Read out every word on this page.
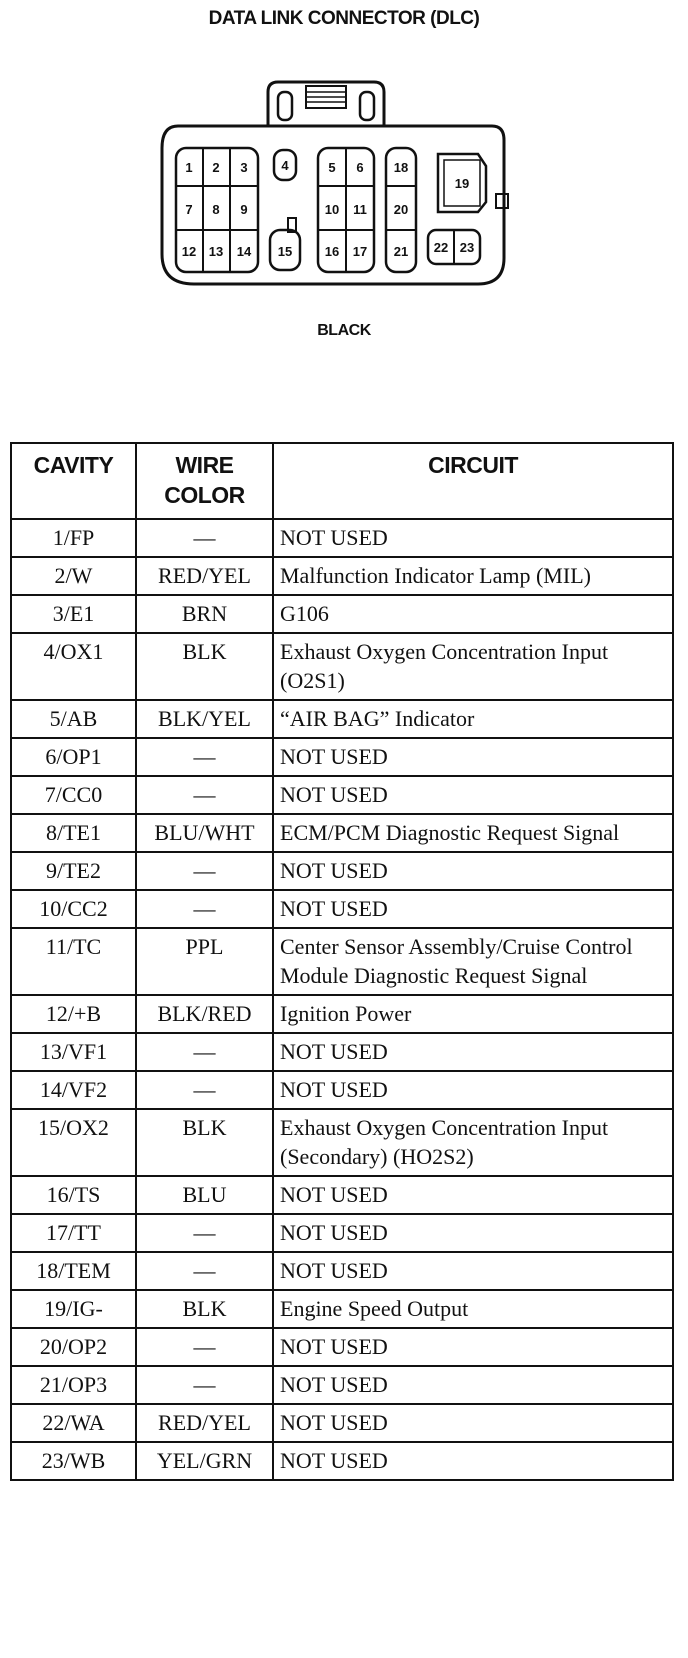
DATA LINK CONNECTOR (DLC)
1 2 3	4	5 6
7 8 9	10 11
12 13 14 15	16 17
18
19
20
21 22 23
BLACK
CAVITY	WIRE COLOR	CIRCUIT
1/FP	—	NOT USED
2/W	RED/YEL	Malfunction Indicator Lamp (MIL)
3/E1	BRN	G106
4/OX1	BLK	Exhaust Oxygen Concentration Input (O2S1)
5/AB	BLK/YEL	“AIR BAG” Indicator
6/OP1	—	NOT USED
7/CC0	—	NOT USED
8/TE1	BLU/WHT	ECM/PCM Diagnostic Request Signal
9/TE2	—	NOT USED
10/CC2	—	NOT USED
11/TC	PPL	Center Sensor Assembly/Cruise Control Module Diagnostic Request Signal
12/+B	BLK/RED	Ignition Power
13/VF1	—	NOT USED
14/VF2	—	NOT USED
15/OX2	BLK	Exhaust Oxygen Concentration Input (Secondary) (HO2S2)
16/TS	BLU	NOT USED
17/TT	—	NOT USED
18/TEM	—	NOT USED
19/IG-	BLK	Engine Speed Output
20/OP2	—	NOT USED
21/OP3	—	NOT USED
22/WA	RED/YEL	NOT USED
23/WB	YEL/GRN	NOT USED
